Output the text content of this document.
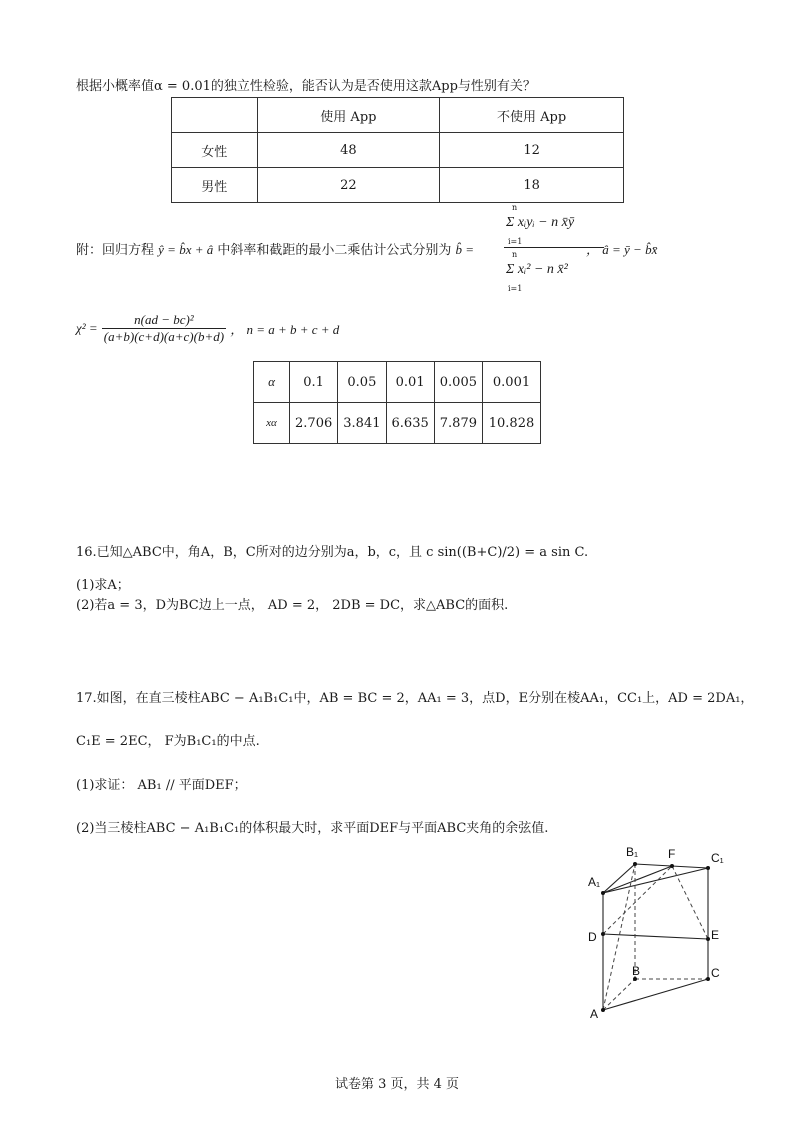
根据小概率值α = 0.01的独立性检验，能否认为是否使用这款App与性别有关？
	使用 App	不使用 App
女性	48	12
男性	22	18
附：回归方程 ŷ = b̂x + â 中斜率和截距的最小二乘估计公式分别为 b̂ =
n
Σ xᵢyᵢ − n x̄ȳ
i=1
n
Σ xᵢ² − n x̄²
i=1
， â = ȳ − b̂x̄
$\chi^2 = \frac{\text{n(ad − bc)²}}{(a+b)(c+d)(a+c)(b+d)}$ ， n = a + b + c + d
α	0.1	0.05	0.01	0.005	0.001
xα	2.706	3.841	6.635	7.879	10.828
16.已知△ABC中，角A，B，C所对的边分别为a，b，c，且 c sin((B+C)/2) = a sin C.
(1)求A；
(2)若a = 3，D为BC边上一点， AD = 2， 2DB = DC，求△ABC的面积.
17.如图，在直三棱柱ABC − A₁B₁C₁中，AB = BC = 2，AA₁ = 3，点D，E分别在棱AA₁，CC₁上，AD = 2DA₁，
C₁E = 2EC， F为B₁C₁的中点.
(1)求证： AB₁ // 平面DEF；
(2)当三棱柱ABC − A₁B₁C₁的体积最大时，求平面DEF与平面ABC夹角的余弦值.
B₁ F	C₁
A₁
D	E
B	C
A
试卷第 3 页，共 4 页
